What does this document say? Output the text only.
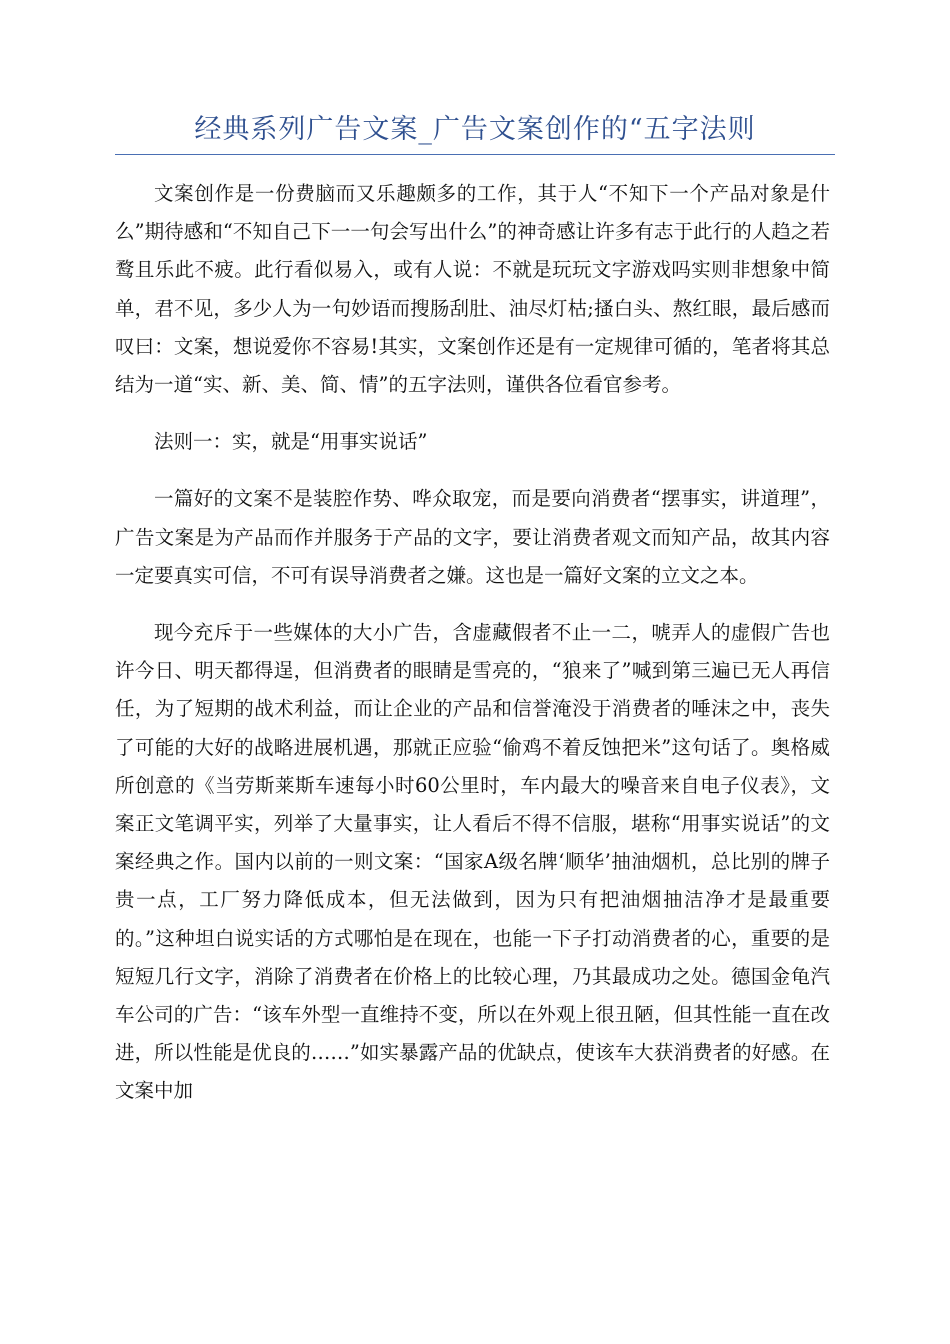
经典系列广告文案_广告文案创作的“五字法则

文案创作是一份费脑而又乐趣颇多的工作，其于人“不知下一个产品对象是什么”期待感和“不知自己下一一句会写出什么”的神奇感让许多有志于此行的人趋之若鹜且乐此不疲。此行看似易入，或有人说：不就是玩玩文字游戏吗实则非想象中简单，君不见，多少人为一句妙语而搜肠刮肚、油尽灯枯;搔白头、熬红眼，最后感而叹曰：文案，想说爱你不容易!其实，文案创作还是有一定规律可循的，笔者将其总结为一道“实、新、美、简、情”的五字法则，谨供各位看官参考。

法则一：实，就是“用事实说话”

一篇好的文案不是装腔作势、哗众取宠，而是要向消费者“摆事实，讲道理”，广告文案是为产品而作并服务于产品的文字，要让消费者观文而知产品，故其内容一定要真实可信，不可有误导消费者之嫌。这也是一篇好文案的立文之本。

现今充斥于一些媒体的大小广告，含虚藏假者不止一二，唬弄人的虚假广告也许今日、明天都得逞，但消费者的眼睛是雪亮的，“狼来了”喊到第三遍已无人再信任，为了短期的战术利益，而让企业的产品和信誉淹没于消费者的唾沫之中，丧失了可能的大好的战略进展机遇，那就正应验“偷鸡不着反蚀把米”这句话了。奥格威所创意的《当劳斯莱斯车速每小时60公里时，车内最大的噪音来自电子仪表》，文案正文笔调平实，列举了大量事实，让人看后不得不信服，堪称“用事实说话”的文案经典之作。国内以前的一则文案：“国家A级名牌‘顺华’抽油烟机，总比别的牌子贵一点，工厂努力降低成本，但无法做到，因为只有把油烟抽洁净才是最重要的。”这种坦白说实话的方式哪怕是在现在，也能一下子打动消费者的心，重要的是短短几行文字，消除了消费者在价格上的比较心理，乃其最成功之处。德国金龟汽车公司的广告：“该车外型一直维持不变，所以在外观上很丑陋，但其性能一直在改进，所以性能是优良的……”如实暴露产品的优缺点，使该车大获消费者的好感。在文案中加
